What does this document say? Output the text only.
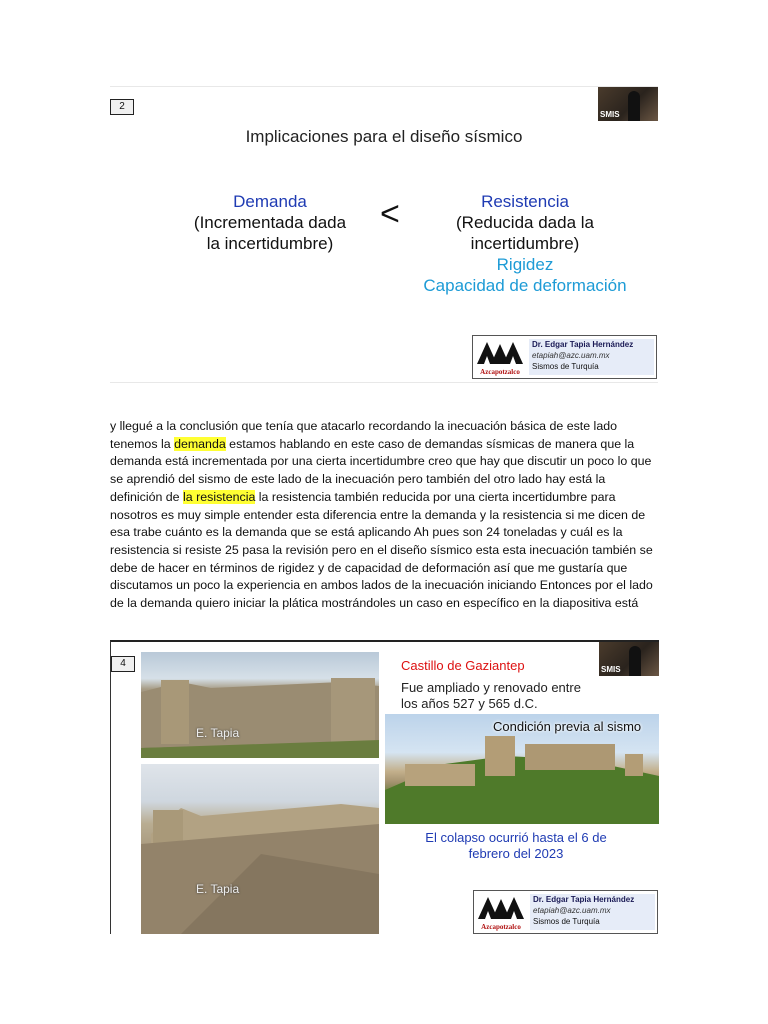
2
SMIS
Implicaciones para el diseño sísmico
Demanda
(Incrementada dada
la incertidumbre)
<	Resistencia
(Reducida dada la
incertidumbre)
Rigidez
Capacidad de deformación
Azcapotzalco
Dr. Edgar Tapia Hernández
etapiah@azc.uam.mx
Sismos de Turquía

y llegué a la conclusión que tenía que atacarlo recordando la inecuación básica de este lado tenemos la demanda estamos hablando en este caso de demandas sísmicas de manera que la demanda está incrementada por una cierta incertidumbre creo que hay que discutir un poco lo que se aprendió del sismo de este lado de la inecuación pero también del otro lado hay está la definición de la resistencia la resistencia también reducida por una cierta incertidumbre para nosotros es muy simple entender esta diferencia entre la demanda y la resistencia si me dicen de esa trabe cuánto es la demanda que se está aplicando Ah pues son 24 toneladas y cuál es la resistencia si resiste 25 pasa la revisión pero en el diseño sísmico esta esta inecuación también se debe de hacer en términos de rigidez y de capacidad de deformación así que me gustaría que discutamos un poco la experiencia en ambos lados de la inecuación iniciando Entonces por el lado de la demanda quiero iniciar la plática mostrándoles un caso en específico en la diapositiva está

4
E. Tapia
E. Tapia
Castillo de Gaziantep
Fue ampliado y renovado entre los años 527 y 565 d.C.
SMIS
Condición previa al sismo
El colapso ocurrió hasta el 6 de febrero del 2023
Azcapotzalco
Dr. Edgar Tapia Hernández
etapiah@azc.uam.mx
Sismos de Turquía
